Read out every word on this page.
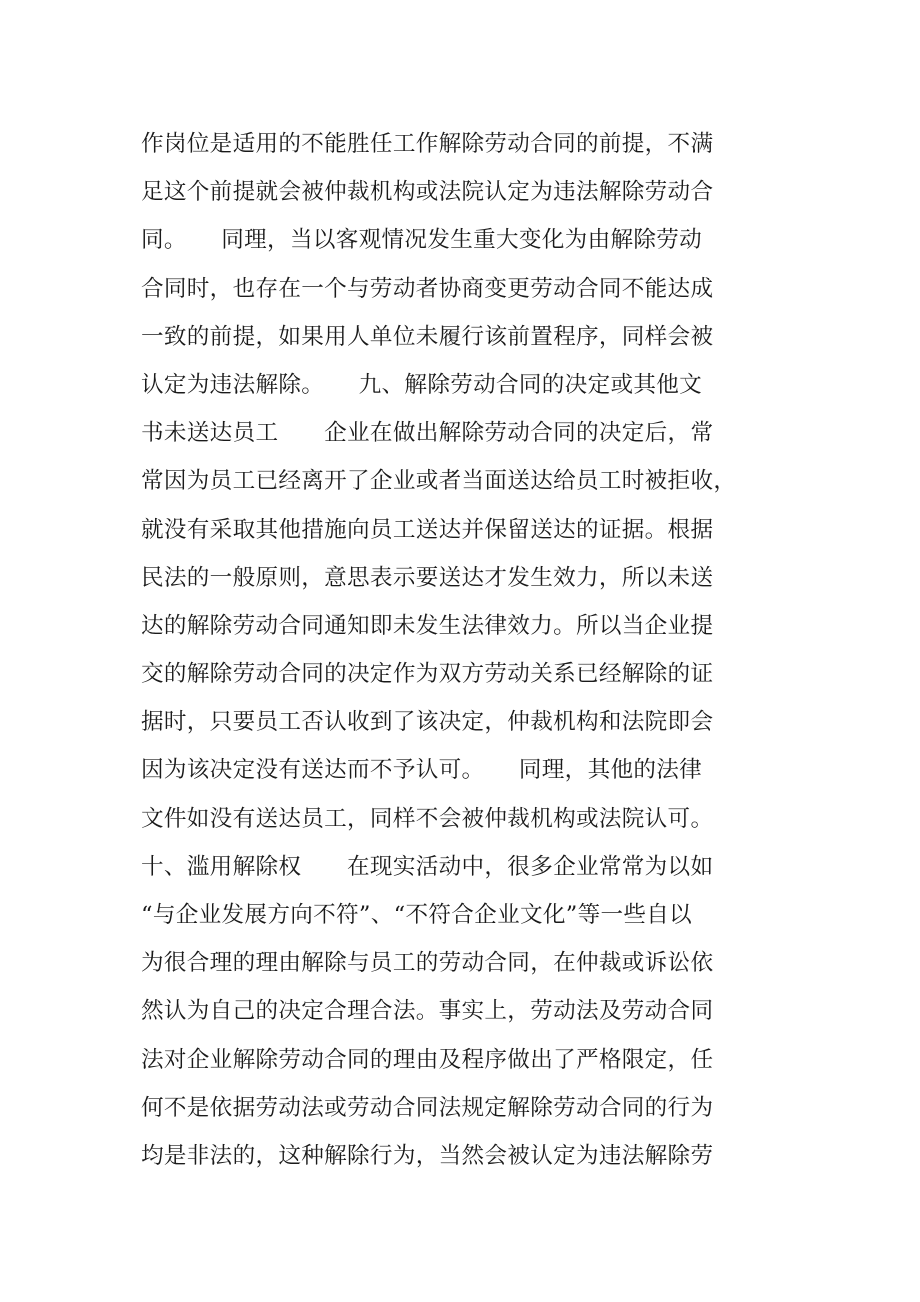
作岗位是适用的不能胜任工作解除劳动合同的前提，不满
足这个前提就会被仲裁机构或法院认定为违法解除劳动合
同。　　同理，当以客观情况发生重大变化为由解除劳动
合同时，也存在一个与劳动者协商变更劳动合同不能达成
一致的前提，如果用人单位未履行该前置程序，同样会被
认定为违法解除。　　九、解除劳动合同的决定或其他文
书未送达员工　　企业在做出解除劳动合同的决定后，常
常因为员工已经离开了企业或者当面送达给员工时被拒收，
就没有采取其他措施向员工送达并保留送达的证据。根据
民法的一般原则，意思表示要送达才发生效力，所以未送
达的解除劳动合同通知即未发生法律效力。所以当企业提
交的解除劳动合同的决定作为双方劳动关系已经解除的证
据时，只要员工否认收到了该决定，仲裁机构和法院即会
因为该决定没有送达而不予认可。　　同理，其他的法律
文件如没有送达员工，同样不会被仲裁机构或法院认可。
十、滥用解除权　　在现实活动中，很多企业常常为以如
“与企业发展方向不符”、“不符合企业文化”等一些自以
为很合理的理由解除与员工的劳动合同，在仲裁或诉讼依
然认为自己的决定合理合法。事实上，劳动法及劳动合同
法对企业解除劳动合同的理由及程序做出了严格限定，任
何不是依据劳动法或劳动合同法规定解除劳动合同的行为
均是非法的，这种解除行为，当然会被认定为违法解除劳
